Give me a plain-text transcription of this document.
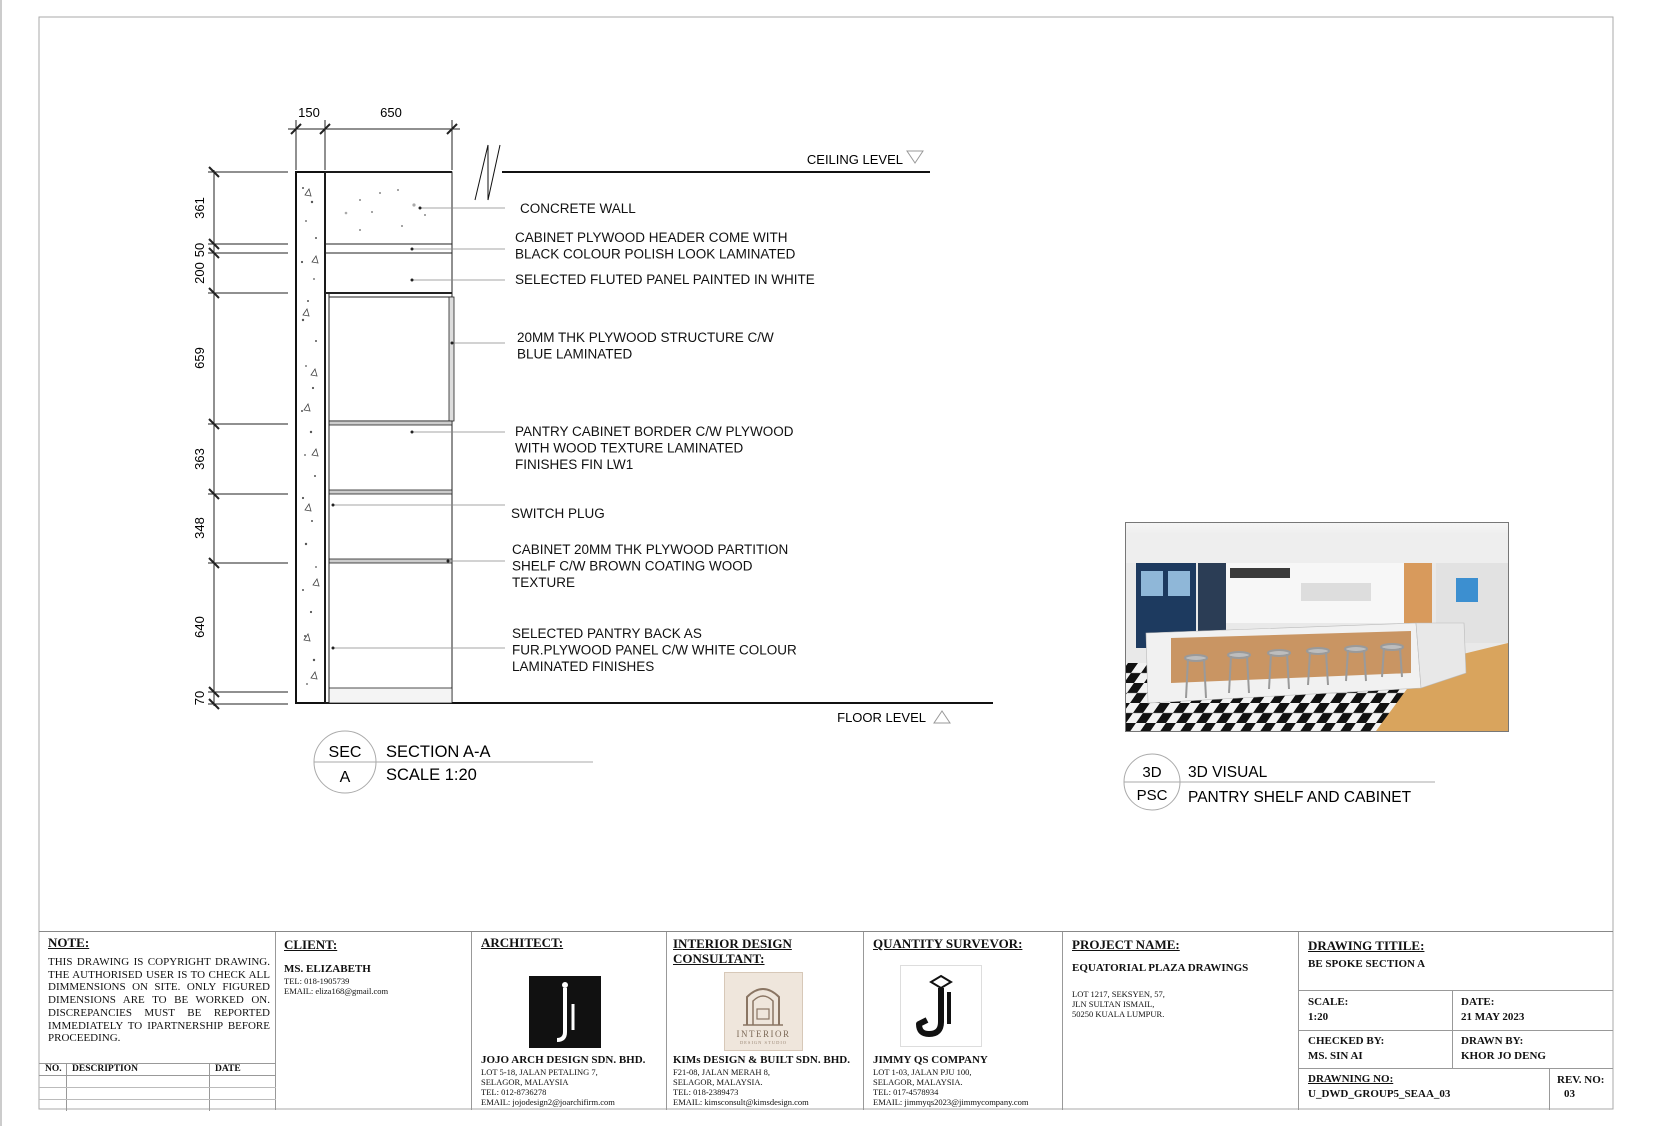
150	650
361
50
200
659
363
348
640
70
CEILING LEVEL
FLOOR LEVEL
CONCRETE WALL
CABINET PLYWOOD HEADER COME WITH BLACK COLOUR POLISH LOOK LAMINATED
SELECTED FLUTED PANEL PAINTED IN WHITE
20MM THK PLYWOOD STRUCTURE C/W BLUE LAMINATED
PANTRY CABINET BORDER C/W PLYWOOD WITH WOOD TEXTURE LAMINATED FINISHES FIN LW1
SWITCH PLUG
CABINET 20MM THK PLYWOOD PARTITION SHELF C/W BROWN COATING WOOD TEXTURE
SELECTED PANTRY BACK AS FUR.PLYWOOD PANEL C/W WHITE COLOUR LAMINATED FINISHES
SEC
A
SECTION A-A
SCALE 1:20	3D
PSC
3D VISUAL
PANTRY SHELF AND CABINET
NOTE:
THIS DRAWING IS COPYRIGHT DRAWING. THE AUTHORISED USER IS TO CHECK ALL DIMMENSIONS ON SITE. ONLY FIGURED DIMENSIONS ARE TO BE WORKED ON. DISCREPANCIES MUST BE REPORTED IMMEDIATELY TO IPARTNERSHIP BEFORE PROCEEDING.
NO. DESCRIPTION	DATE
CLIENT:
MS. ELIZABETH
TEL: 018-1905739
EMAIL: eliza168@gmail.com
ARCHITECT:
JOJO ARCH DESIGN SDN. BHD.
LOT 5-18, JALAN PETALING 7,
SELAGOR, MALAYSIA
TEL: 012-8736278
EMAIL: jojodesign2@joarchifirm.com
INTERIOR DESIGN
CONSULTANT:
INTERIOR
DESIGN STUDIO
KIMs DESIGN & BUILT SDN. BHD.
F21-08, JALAN MERAH 8,
SELAGOR, MALAYSIA.
TEL: 018-2389473
EMAIL: kimsconsult@kimsdesign.com
QUANTITY SURVEVOR:
JIMMY QS COMPANY
LOT 1-03, JALAN PJU 100,
SELAGOR, MALAYSIA.
TEL: 017-4578934
EMAIL: jimmyqs2023@jimmycompany.com
PROJECT NAME:
EQUATORIAL PLAZA DRAWINGS
LOT 1217, SEKSYEN, 57,
JLN SULTAN ISMAIL,
50250 KUALA LUMPUR.
DRAWING TITILE:
BE SPOKE SECTION A
SCALE:
1:20
DATE:
21 MAY 2023
CHECKED BY:
MS. SIN AI
DRAWN BY:
KHOR JO DENG
DRAWNING NO:
U_DWD_GROUP5_SEAA_03
REV. NO:
03
